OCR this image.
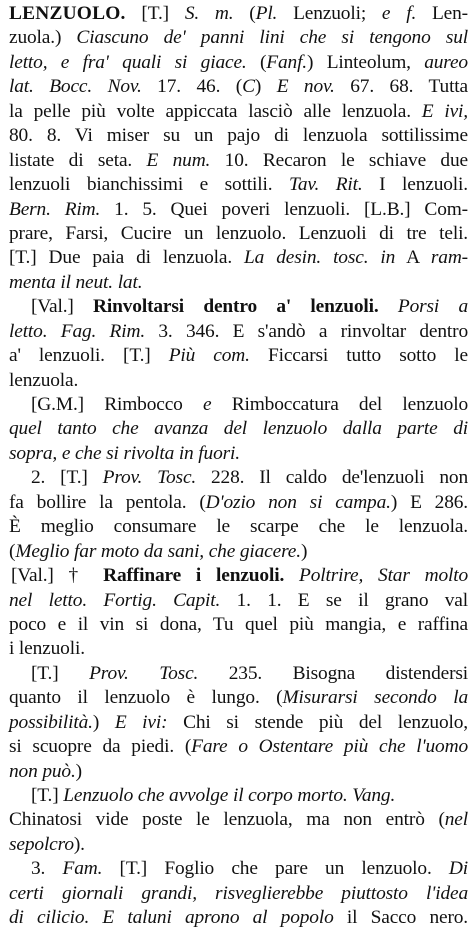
LENZUOLO. [T.] S. m. (Pl. Lenzuoli; e f. Len-
zuola.) Ciascuno de' panni lini che si tengono sul
letto, e fra' quali si giace. (Fanf.) Linteolum, aureo
lat. Bocc. Nov. 17. 46. (C) E nov. 67. 68. Tutta
la pelle più volte appiccata lasciò alle lenzuola. E ivi,
80. 8. Vi miser su un pajo di lenzuola sottilissime
listate di seta. E num. 10. Recaron le schiave due
lenzuoli bianchissimi e sottili. Tav. Rit. I lenzuoli.
Bern. Rim. 1. 5. Quei poveri lenzuoli. [L.B.] Com-
prare, Farsi, Cucire un lenzuolo. Lenzuoli di tre teli.
[T.] Due paia di lenzuola. La desin. tosc. in A ram-
menta il neut. lat.
[Val.] Rinvoltarsi dentro a' lenzuoli. Porsi a
letto. Fag. Rim. 3. 346. E s'andò a rinvoltar dentro
a' lenzuoli. [T.] Più com. Ficcarsi tutto sotto le
lenzuola.
[G.M.] Rimbocco e Rimboccatura del lenzuolo
quel tanto che avanza del lenzuolo dalla parte di
sopra, e che si rivolta in fuori.
2. [T.] Prov. Tosc. 228. Il caldo de'lenzuoli non
fa bollire la pentola. (D'ozio non si campa.) E 286.
È meglio consumare le scarpe che le lenzuola.
(Meglio far moto da sani, che giacere.)
[Val.] † Raffinare i lenzuoli. Poltrire, Star molto
nel letto. Fortig. Capit. 1. 1. E se il grano val
poco e il vin si dona, Tu quel più mangia, e raffina
i lenzuoli.
[T.] Prov. Tosc. 235. Bisogna distendersi
quanto il lenzuolo è lungo. (Misurarsi secondo la
possibilità.) E ivi: Chi si stende più del lenzuolo,
si scuopre da piedi. (Fare o Ostentare più che l'uomo
non può.)
[T.] Lenzuolo che avvolge il corpo morto. Vang.
Chinatosi vide poste le lenzuola, ma non entrò (nel
sepolcro).
3. Fam. [T.] Foglio che pare un lenzuolo. Di
certi giornali grandi, risveglierebbe piuttosto l'idea
di cilicio. E taluni aprono al popolo il Sacco nero.
